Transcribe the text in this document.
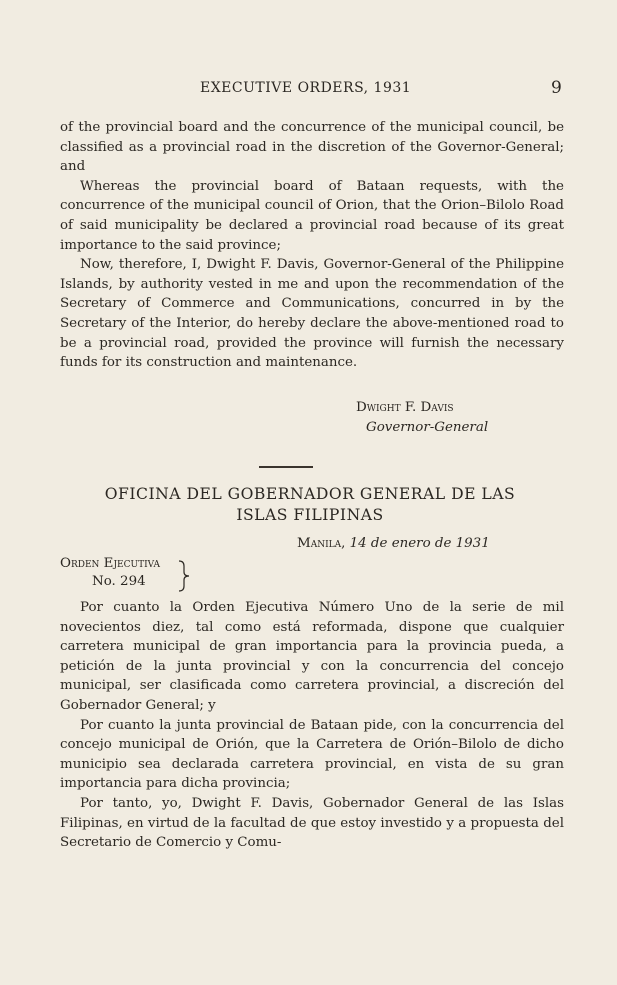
EXECUTIVE ORDERS, 1931	9

of the provincial board and the concurrence of the municipal council, be classified as a provincial road in the discretion of the Governor-General; and

Whereas the provincial board of Bataan requests, with the concurrence of the municipal council of Orion, that the Orion–Bilolo Road of said municipality be declared a provincial road because of its great importance to the said province;

Now, therefore, I, Dwight F. Davis, Governor-General of the Philippine Islands, by authority vested in me and upon the recommendation of the Secretary of Commerce and Communications, concurred in by the Secretary of the Interior, do hereby declare the above-mentioned road to be a provincial road, provided the province will furnish the necessary funds for its construction and maintenance.

Dwight F. Davis
Governor-General
OFICINA DEL GOBERNADOR GENERAL DE LAS
ISLAS FILIPINAS
Manila, 14 de enero de 1931
Orden Ejecutiva
No. 294

Por cuanto la Orden Ejecutiva Número Uno de la serie de mil novecientos diez, tal como está reformada, dispone que cualquier carretera municipal de gran importancia para la provincia pueda, a petición de la junta provincial y con la concurrencia del concejo municipal, ser clasificada como carretera provincial, a discreción del Gobernador General; y

Por cuanto la junta provincial de Bataan pide, con la concurrencia del concejo municipal de Orión, que la Carretera de Orión–Bilolo de dicho municipio sea declarada carretera provincial, en vista de su gran importancia para dicha provincia;

Por tanto, yo, Dwight F. Davis, Gobernador General de las Islas Filipinas, en virtud de la facultad de que estoy investido y a propuesta del Secretario de Comercio y Comu-
